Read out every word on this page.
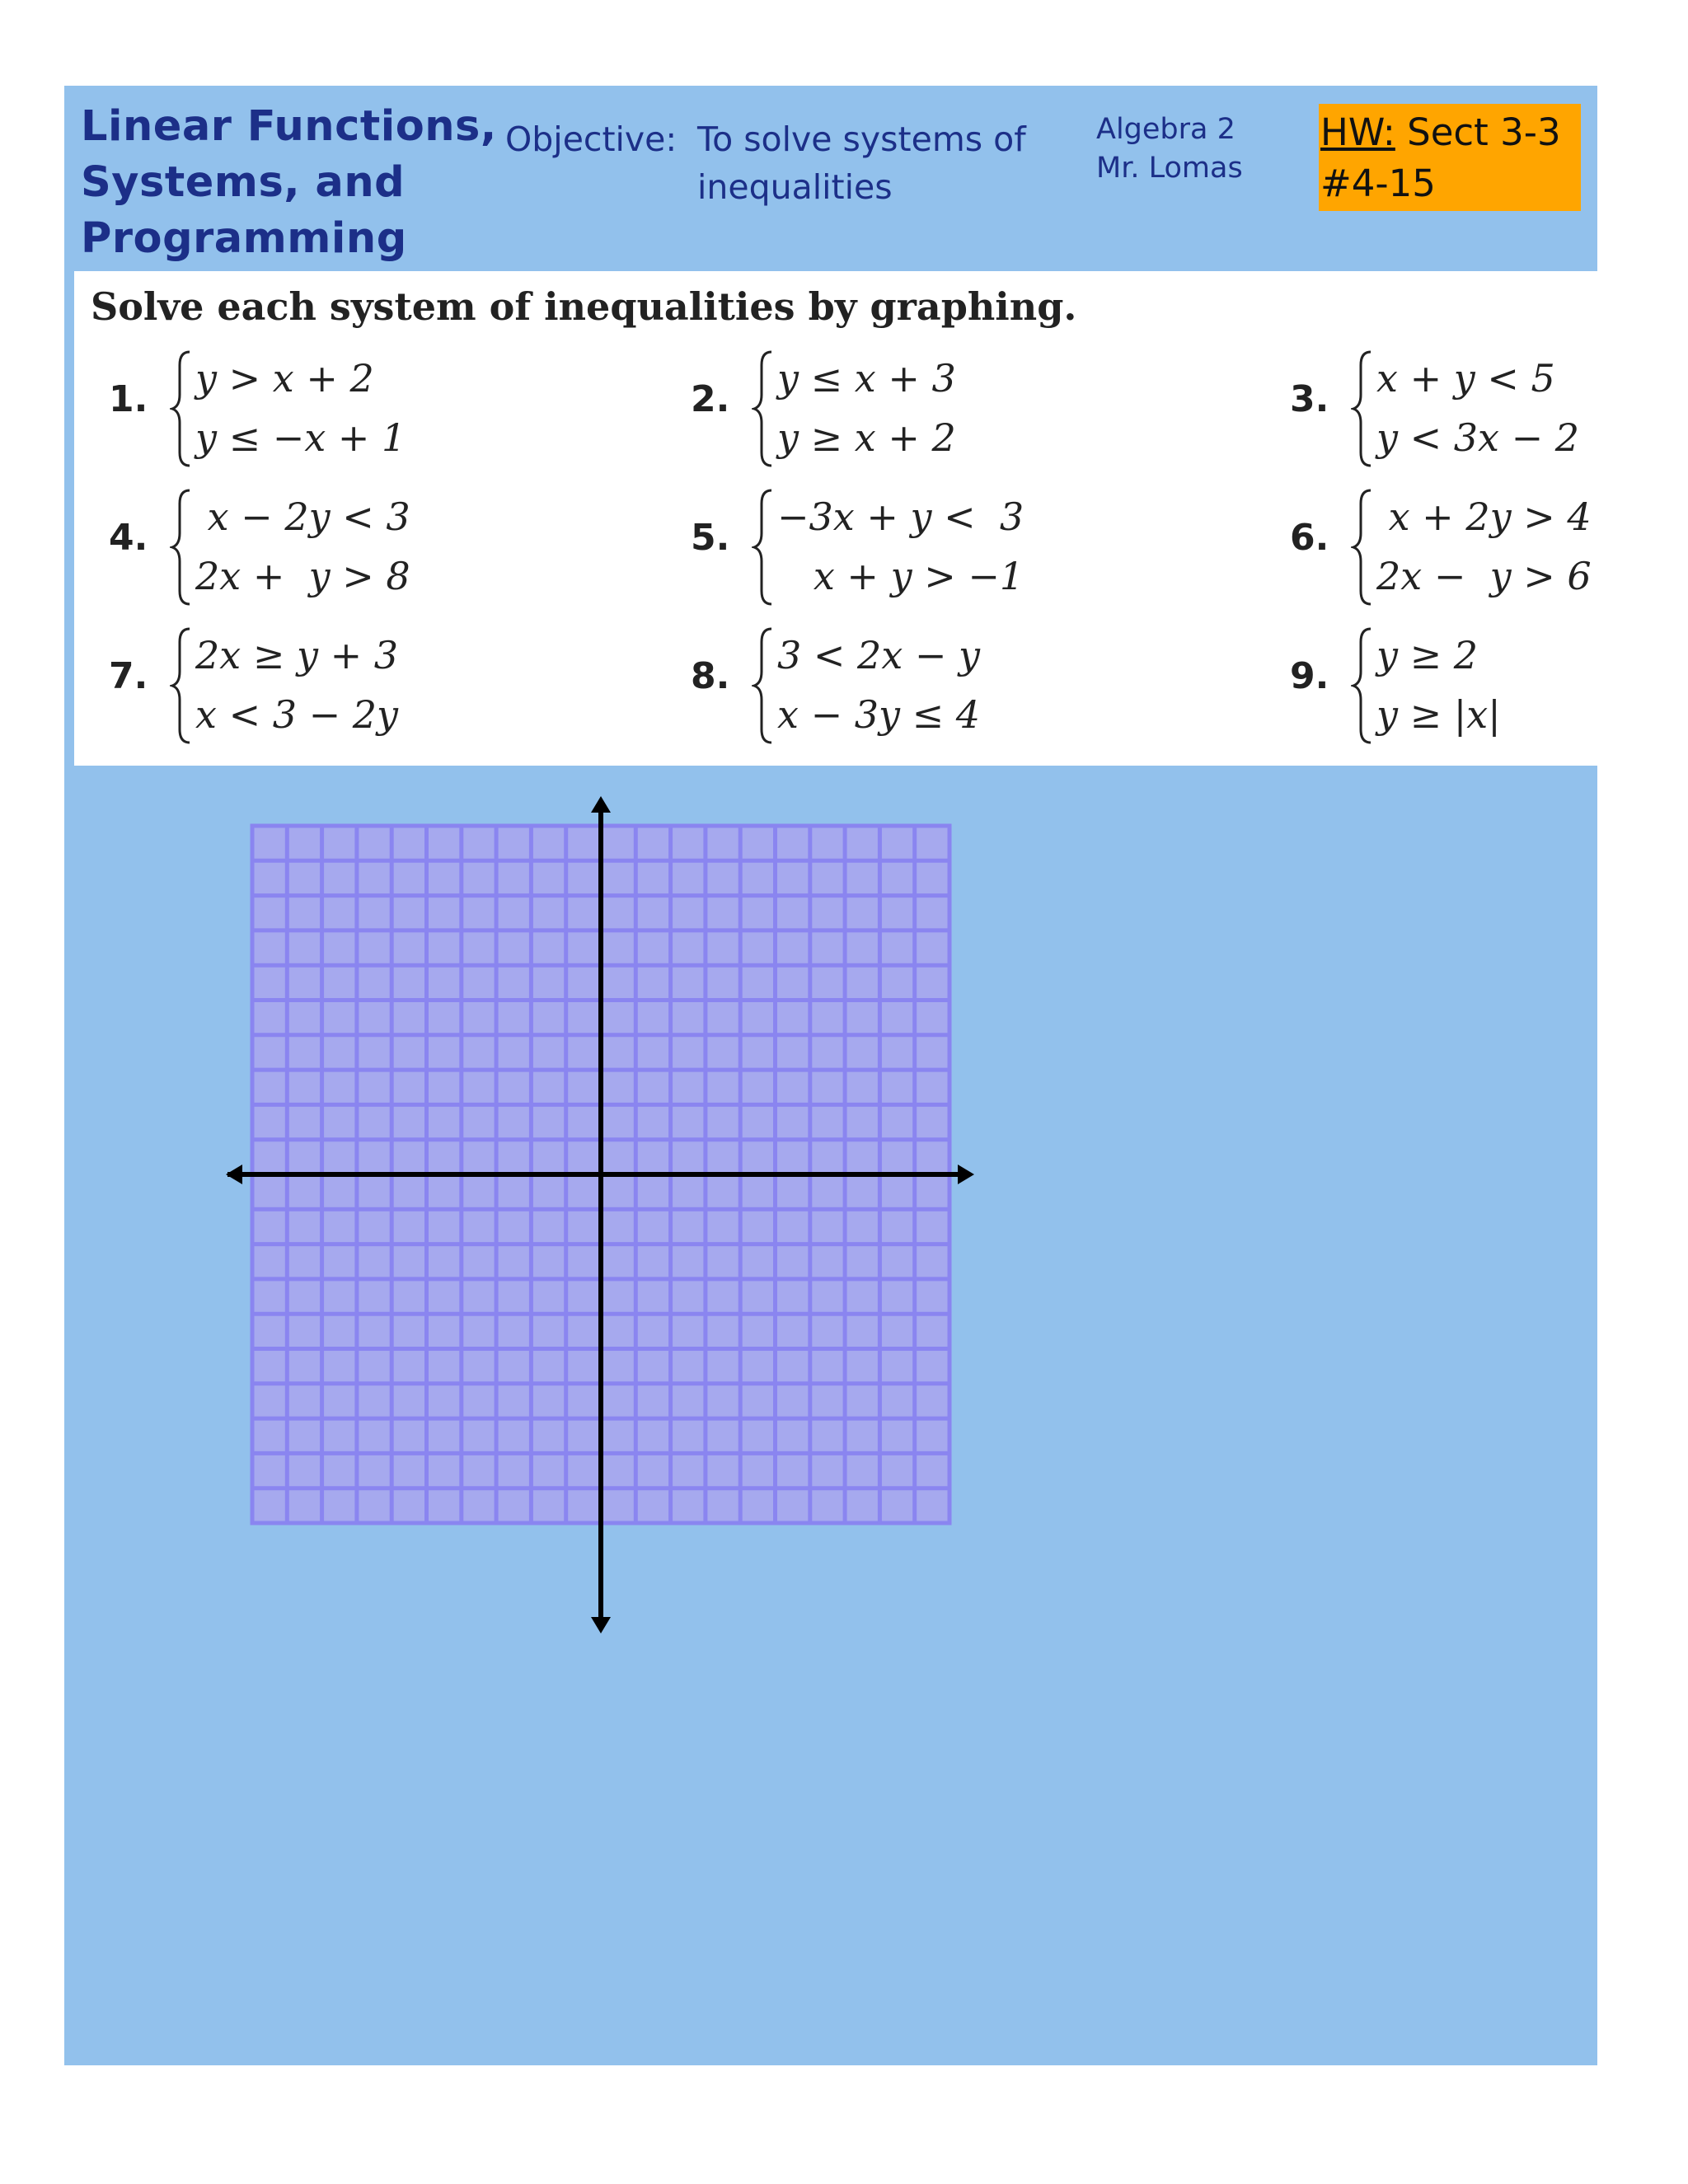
Linear Functions,
Systems, and
Programming
Objective: To solve systems of
inequalities
Algebra 2
Mr. Lomas
HW: Sect 3-3
#4-15
Solve each system of inequalities by graphing.
1. y > x + 2
y ≤ −x + 1
2. y ≤ x + 3
y ≥ x + 2
3. x + y < 5
y < 3x − 2
4. x − 2y < 3
2x +  y > 8
5. −3x + y <  3
x + y > −1
6. x + 2y > 4
2x −  y > 6
7. 2x ≥ y + 3
x < 3 − 2y
8. 3 < 2x − y
x − 3y ≤ 4
9. y ≥ 2
y ≥ |x|
